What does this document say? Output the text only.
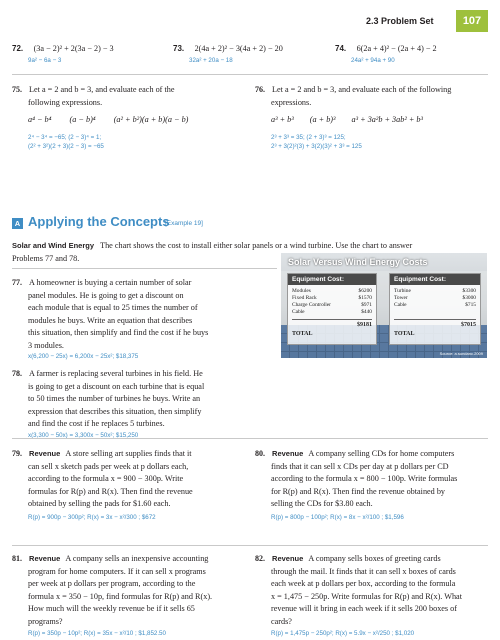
2.3 Problem Set	107
72. (3a − 2)² + 2(3a − 2) − 3
9a² − 6a − 3
73. 2(4a + 2)² − 3(4a + 2) − 20
32a² + 20a − 18
74. 6(2a + 4)² − (2a + 4) − 2
24a² + 94a + 90
75. Let a = 2 and b = 3, and evaluate each of the
following expressions.
a⁴ − b⁴ (a − b)⁴ (a² + b²)(a + b)(a − b)
2⁴ − 3⁴ = −65; (2 − 3)⁴ = 1;
(2² + 3²)(2 + 3)(2 − 3) = −65
76. Let a = 2 and b = 3, and evaluate each of the following
expressions.
a³ + b³ (a + b)³ a³ + 3a²b + 3ab² + b³
2³ + 3³ = 35; (2 + 3)³ = 125;
2³ + 3(2)²(3) + 3(2)(3)² + 3³ = 125
A Applying the Concepts
[Example 19]
Solar and Wind Energy The chart shows the cost to install either solar panels or a wind turbine. Use the chart to answer
Problems 77 and 78.
77. A homeowner is buying a certain number of solar
panel modules. He is going to get a discount on
each module that is equal to 25 times the number of
modules he buys. Write an equation that describes
this situation, then simplify and find the cost if he buys
3 modules.
x(6,200 − 25x) = 6,200x − 25x²; $18,375
Solar Versus Wind Energy Costs
Equipment Cost:
Modules	$6200
Fixed Rack	$1570
Charge Controller	$971
Cable	$440
TOTAL
$9181
Equipment Cost:
Turbine	$3300
Tower	$3000
Cable	$715
TOTAL
$7015
Source: a.sundanc.2009
78. A farmer is replacing several turbines in his field. He
is going to get a discount on each turbine that is equal
to 50 times the number of turbines he buys. Write an
expression that describes this situation, then simplify
and find the cost if he replaces 5 turbines.
x(3,300 − 50x) = 3,300x − 50x²; $15,250
79. Revenue A store selling art supplies finds that it
can sell x sketch pads per week at p dollars each,
according to the formula x = 900 − 300p. Write
formulas for R(p) and R(x). Then find the revenue
obtained by selling the pads for $1.60 each.
R(p) = 900p − 300p²; R(x) = 3x − x²/300 ; $672
80. Revenue A company selling CDs for home computers
finds that it can sell x CDs per day at p dollars per CD
according to the formula x = 800 − 100p. Write formulas
for R(p) and R(x). Then find the revenue obtained by
selling the CDs for $3.80 each.
R(p) = 800p − 100p²; R(x) = 8x − x²/100 ; $1,596
81. Revenue A company sells an inexpensive accounting
program for home computers. If it can sell x programs
per week at p dollars per program, according to the
formula x = 350 − 10p, find formulas for R(p) and R(x).
How much will the weekly revenue be if it sells 65
programs?
R(p) = 350p − 10p²; R(x) = 35x − x²/10 ; $1,852.50
82. Revenue A company sells boxes of greeting cards
through the mail. It finds that it can sell x boxes of cards
each week at p dollars per box, according to the formula
x = 1,475 − 250p. Write formulas for R(p) and R(x). What
revenue will it bring in each week if it sells 200 boxes of
cards?
R(p) = 1,475p − 250p²; R(x) = 5.9x − x²/250 ; $1,020
